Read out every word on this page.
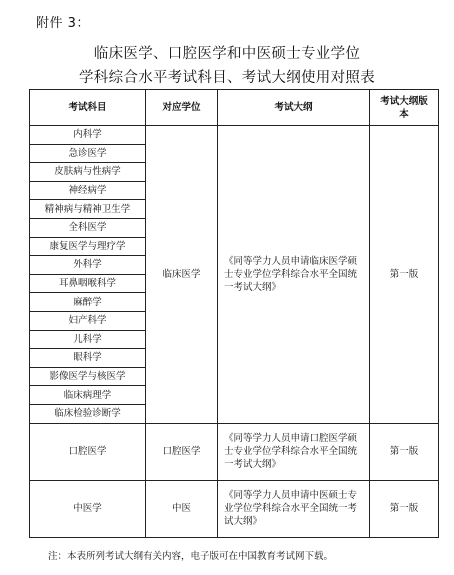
附件 3：
临床医学、口腔医学和中医硕士专业学位
学科综合水平考试科目、考试大纲使用对照表
考试科目	对应学位	考试大纲	考试大纲版本
内科学	临床医学	《同等学力人员申请临床医学硕士专业学位学科综合水平全国统一考试大纲》	第一版
急诊医学			
皮肤病与性病学			
神经病学			
精神病与精神卫生学			
全科医学			
康复医学与理疗学			
外科学			
耳鼻咽喉科学			
麻醉学			
妇产科学			
儿科学			
眼科学			
影像医学与核医学			
临床病理学			
临床检验诊断学			
口腔医学	口腔医学	《同等学力人员申请口腔医学硕士专业学位学科综合水平全国统一考试大纲》	第一版
中医学	中医	《同等学力人员申请中医硕士专业学位学科综合水平全国统一考试大纲》	第一版
注：本表所列考试大纲有关内容，电子版可在中国教育考试网下载。
